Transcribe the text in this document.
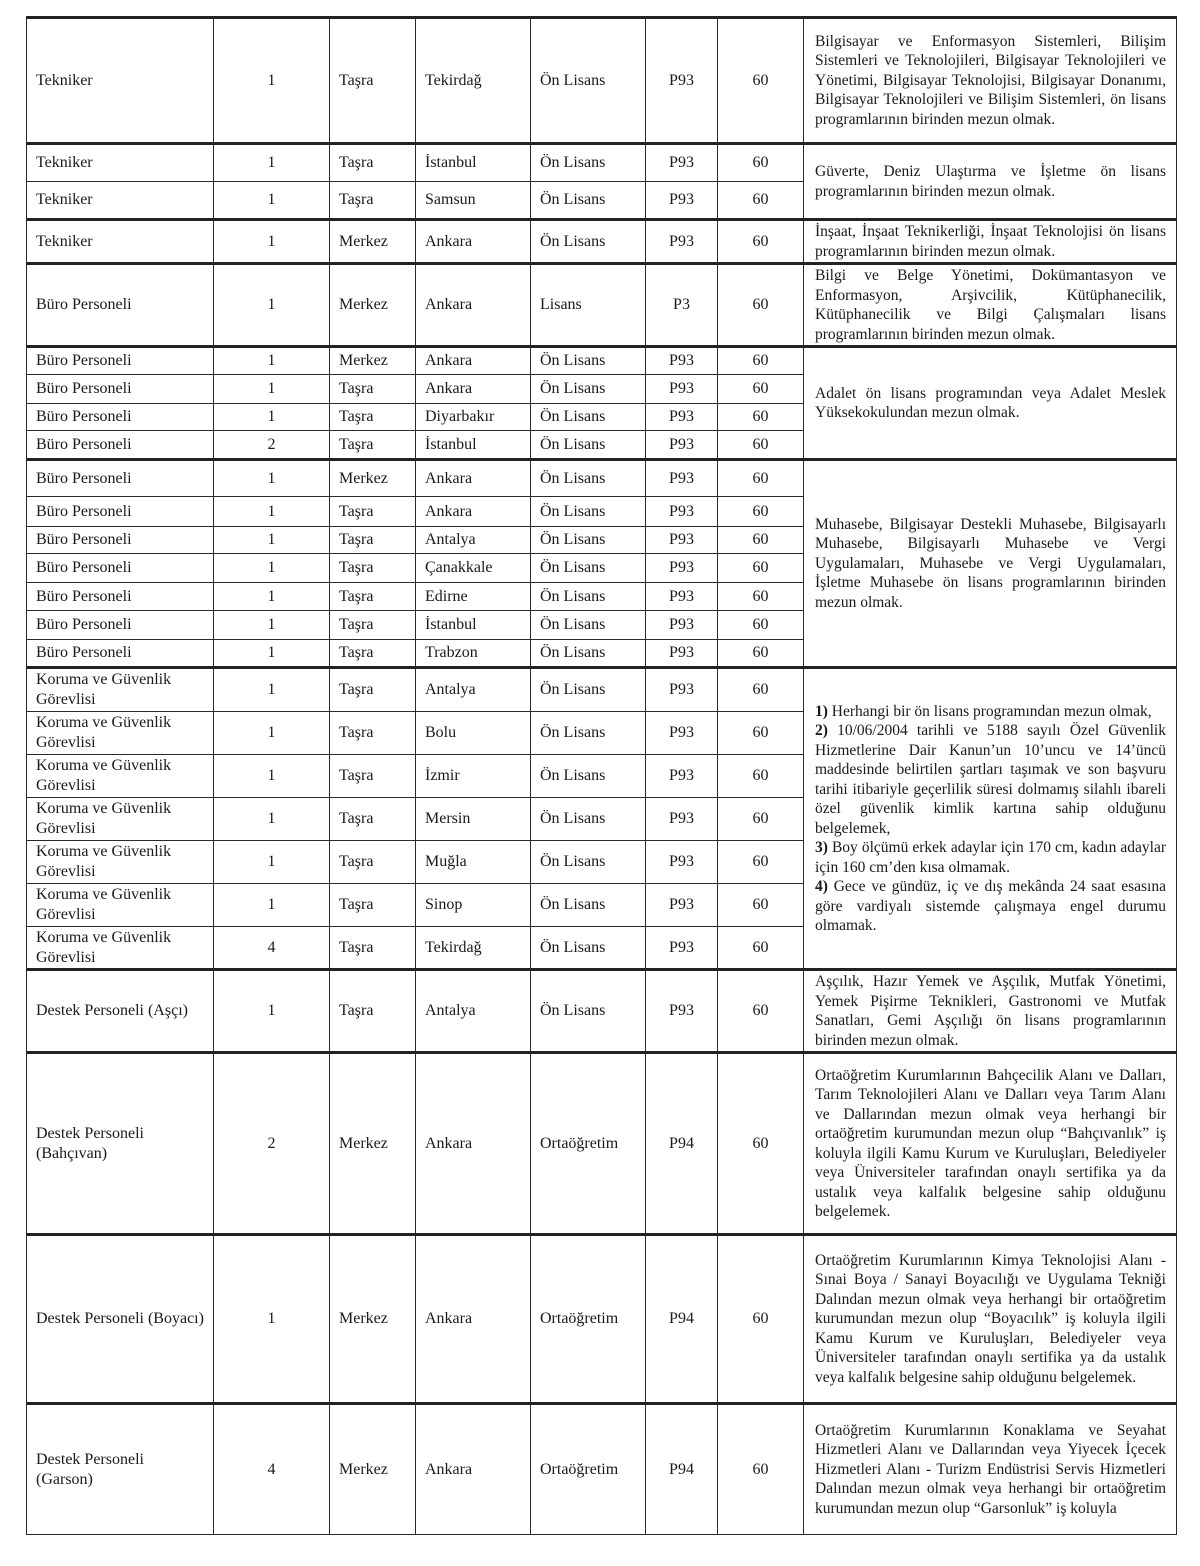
Tekniker	1	Taşra	Tekirdağ	Ön Lisans	P93	60	Bilgisayar ve Enformasyon Sistemleri, Bilişim Sistemleri ve Teknolojileri, Bilgisayar Teknolojileri ve Yönetimi, Bilgisayar Teknolojisi, Bilgisayar Donanımı, Bilgisayar Teknolojileri ve Bilişim Sistemleri, ön lisans programlarının birinden mezun olmak.
Tekniker	1	Taşra	İstanbul	Ön Lisans	P93	60	Güverte, Deniz Ulaştırma ve İşletme ön lisans programlarının birinden mezun olmak.
Tekniker	1	Taşra	Samsun	Ön Lisans	P93	60	
Tekniker	1	Merkez	Ankara	Ön Lisans	P93	60	İnşaat, İnşaat Teknikerliği, İnşaat Teknolojisi ön lisans programlarının birinden mezun olmak.
Büro Personeli	1	Merkez	Ankara	Lisans	P3	60	Bilgi ve Belge Yönetimi, Dokümantasyon ve Enformasyon, Arşivcilik, Kütüphanecilik, Kütüphanecilik ve Bilgi Çalışmaları lisans programlarının birinden mezun olmak.
Büro Personeli	1	Merkez	Ankara	Ön Lisans	P93	60	Adalet ön lisans programından veya Adalet Meslek Yüksekokulundan mezun olmak.
Büro Personeli	1	Taşra	Ankara	Ön Lisans	P93	60	
Büro Personeli	1	Taşra	Diyarbakır	Ön Lisans	P93	60	
Büro Personeli	2	Taşra	İstanbul	Ön Lisans	P93	60	
Büro Personeli	1	Merkez	Ankara	Ön Lisans	P93	60	Muhasebe, Bilgisayar Destekli Muhasebe, Bilgisayarlı Muhasebe, Bilgisayarlı Muhasebe ve Vergi Uygulamaları, Muhasebe ve Vergi Uygulamaları, İşletme Muhasebe ön lisans programlarının birinden mezun olmak.
Büro Personeli	1	Taşra	Ankara	Ön Lisans	P93	60	
Büro Personeli	1	Taşra	Antalya	Ön Lisans	P93	60	
Büro Personeli	1	Taşra	Çanakkale	Ön Lisans	P93	60	
Büro Personeli	1	Taşra	Edirne	Ön Lisans	P93	60	
Büro Personeli	1	Taşra	İstanbul	Ön Lisans	P93	60	
Büro Personeli	1	Taşra	Trabzon	Ön Lisans	P93	60	
Koruma ve Güvenlik Görevlisi	1	Taşra	Antalya	Ön Lisans	P93	60	1) Herhangi bir ön lisans programından mezun olmak,
2) 10/06/2004 tarihli ve 5188 sayılı Özel Güvenlik Hizmetlerine Dair Kanun’un 10’uncu ve 14’üncü maddesinde belirtilen şartları taşımak ve son başvuru tarihi itibariyle geçerlilik süresi dolmamış silahlı ibareli özel güvenlik kimlik kartına sahip olduğunu belgelemek,
3) Boy ölçümü erkek adaylar için 170 cm, kadın adaylar için 160 cm’den kısa olmamak.
4) Gece ve gündüz, iç ve dış mekânda 24 saat esasına göre vardiyalı sistemde çalışmaya engel durumu olmamak.

Koruma ve Güvenlik Görevlisi	1	Taşra	Bolu	Ön Lisans	P93	60	
Koruma ve Güvenlik Görevlisi	1	Taşra	İzmir	Ön Lisans	P93	60	
Koruma ve Güvenlik Görevlisi	1	Taşra	Mersin	Ön Lisans	P93	60	
Koruma ve Güvenlik Görevlisi	1	Taşra	Muğla	Ön Lisans	P93	60	
Koruma ve Güvenlik Görevlisi	1	Taşra	Sinop	Ön Lisans	P93	60	
Koruma ve Güvenlik Görevlisi	4	Taşra	Tekirdağ	Ön Lisans	P93	60	
Destek Personeli (Aşçı)	1	Taşra	Antalya	Ön Lisans	P93	60	Aşçılık, Hazır Yemek ve Aşçılık, Mutfak Yönetimi, Yemek Pişirme Teknikleri, Gastronomi ve Mutfak Sanatları, Gemi Aşçılığı ön lisans programlarının birinden mezun olmak.
Destek Personeli (Bahçıvan)	2	Merkez	Ankara	Ortaöğretim	P94	60	Ortaöğretim Kurumlarının Bahçecilik Alanı ve Dalları, Tarım Teknolojileri Alanı ve Dalları veya Tarım Alanı ve Dallarından mezun olmak veya herhangi bir ortaöğretim kurumundan mezun olup “Bahçıvanlık” iş koluyla ilgili Kamu Kurum ve Kuruluşları, Belediyeler veya Üniversiteler tarafından onaylı sertifika ya da ustalık veya kalfalık belgesine sahip olduğunu belgelemek.
Destek Personeli (Boyacı)	1	Merkez	Ankara	Ortaöğretim	P94	60	Ortaöğretim Kurumlarının Kimya Teknolojisi Alanı - Sınai Boya / Sanayi Boyacılığı ve Uygulama Tekniği Dalından mezun olmak veya herhangi bir ortaöğretim kurumundan mezun olup “Boyacılık” iş koluyla ilgili Kamu Kurum ve Kuruluşları, Belediyeler veya Üniversiteler tarafından onaylı sertifika ya da ustalık veya kalfalık belgesine sahip olduğunu belgelemek.
Destek Personeli (Garson)	4	Merkez	Ankara	Ortaöğretim	P94	60	Ortaöğretim Kurumlarının Konaklama ve Seyahat Hizmetleri Alanı ve Dallarından veya Yiyecek İçecek Hizmetleri Alanı - Turizm Endüstrisi Servis Hizmetleri Dalından mezun olmak veya herhangi bir ortaöğretim kurumundan mezun olup “Garsonluk” iş koluyla
